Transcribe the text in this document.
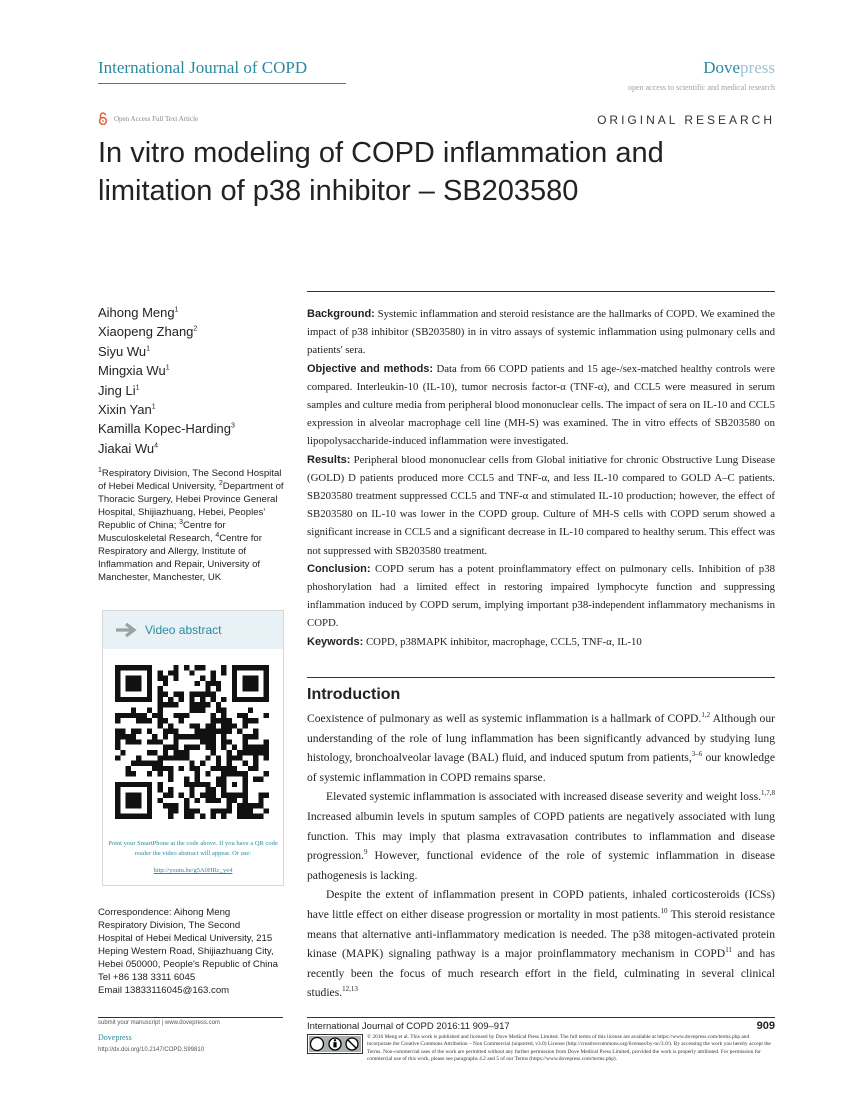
International Journal of COPD	Dovepress
open access to scientific and medical research
Open Access Full Text Article	ORIGINAL RESEARCH
In vitro modeling of COPD inflammation and
limitation of p38 inhibitor – SB203580
Aihong Meng$^1$
Xiaopeng Zhang$^2$
Siyu Wu$^1$
Mingxia Wu$^1$
Jing Li$^1$
Xixin Yan$^1$
Kamilla Kopec-Harding$^3$
Jiakai Wu$^4$
$^1$Respiratory Division, The Second Hospital of Hebei Medical University, $^2$Department of Thoracic Surgery, Hebei Province General Hospital, Shijiazhuang, Hebei, Peoples' Republic of China; $^3$Centre for Musculoskeletal Research, $^4$Centre for Respiratory and Allergy, Institute of Inflammation and Repair, University of Manchester, Manchester, UK
Video abstract
Point your SmartPhone at the code above. If you have a QR code reader the video abstract will appear. Or use:
http://youtu.be/g5A0HRc_ye4
Correspondence: Aihong Meng
Respiratory Division, The Second
Hospital of Hebei Medical University, 215
Heping Western Road, Shijiazhuang City,
Hebei 050000, People's Republic of China
Tel +86 138 3311 6045
Email 13833116045@163.com

Background: Systemic inflammation and steroid resistance are the hallmarks of COPD. We examined the impact of p38 inhibitor (SB203580) in in vitro assays of systemic inflammation using pulmonary cells and patients' sera.

Objective and methods: Data from 66 COPD patients and 15 age-/sex-matched healthy controls were compared. Interleukin-10 (IL-10), tumor necrosis factor-α (TNF-α), and CCL5 were measured in serum samples and culture media from peripheral blood mononuclear cells. The impact of sera on IL-10 and CCL5 expression in alveolar macrophage cell line (MH-S) was examined. The in vitro effects of SB203580 on lipopolysaccharide-induced inflammation were investigated.

Results: Peripheral blood mononuclear cells from Global initiative for chronic Obstructive Lung Disease (GOLD) D patients produced more CCL5 and TNF-α, and less IL-10 compared to GOLD A–C patients. SB203580 treatment suppressed CCL5 and TNF-α and stimulated IL-10 production; however, the effect of SB203580 on IL-10 was lower in the COPD group. Culture of MH-S cells with COPD serum showed a significant increase in CCL5 and a significant decrease in IL-10 compared to healthy serum. This effect was not suppressed with SB203580 treatment.

Conclusion: COPD serum has a potent proinflammatory effect on pulmonary cells. Inhibition of p38 phoshorylation had a limited effect in restoring impaired lymphocyte function and suppressing inflammation induced by COPD serum, implying important p38-independent inflammatory mechanisms in COPD.

Keywords: COPD, p38MAPK inhibitor, macrophage, CCL5, TNF-α, IL-10

Introduction

Coexistence of pulmonary as well as systemic inflammation is a hallmark of COPD.$^{1,2}$ Although our understanding of the role of lung inflammation has been significantly advanced by studying lung histology, bronchoalveolar lavage (BAL) fluid, and induced sputum from patients,$^{3-6}$ our knowledge of systemic inflammation in COPD remains sparse.

Elevated systemic inflammation is associated with increased disease severity and weight loss.$^{1,7,8}$ Increased albumin levels in sputum samples of COPD patients are negatively associated with lung function. This may imply that plasma extravasation contributes to inflammation and disease progression.$^9$ However, functional evidence of the role of systemic inflammation in disease pathogenesis is lacking.

Despite the extent of inflammation present in COPD patients, inhaled corticosteroids (ICSs) have little effect on either disease progression or mortality in most patients.$^{10}$ This steroid resistance means that alternative anti-inflammatory medication is needed. The p38 mitogen-activated protein kinase (MAPK) signaling pathway is a major proinflammatory mechanism in COPD$^{11}$ and has recently been the focus of much research effort in the field, culminating in several clinical studies.$^{12,13}$

submit your manuscript | www.dovepress.com
Dovepress
http://dx.doi.org/10.2147/COPD.S99810
International Journal of COPD 2016:11 909–917	909
© 2016 Meng et al. This work is published and licensed by Dove Medical Press Limited. The full terms of this license are available at https://www.dovepress.com/terms.php and incorporate the Creative Commons Attribution – Non Commercial (unported, v3.0) License (http://creativecommons.org/licenses/by-nc/3.0/). By accessing the work you hereby accept the Terms. Non-commercial uses of the work are permitted without any further permission from Dove Medical Press Limited, provided the work is properly attributed. For permission for commercial use of this work, please see paragraphs 4.2 and 5 of our Terms (https://www.dovepress.com/terms.php).
